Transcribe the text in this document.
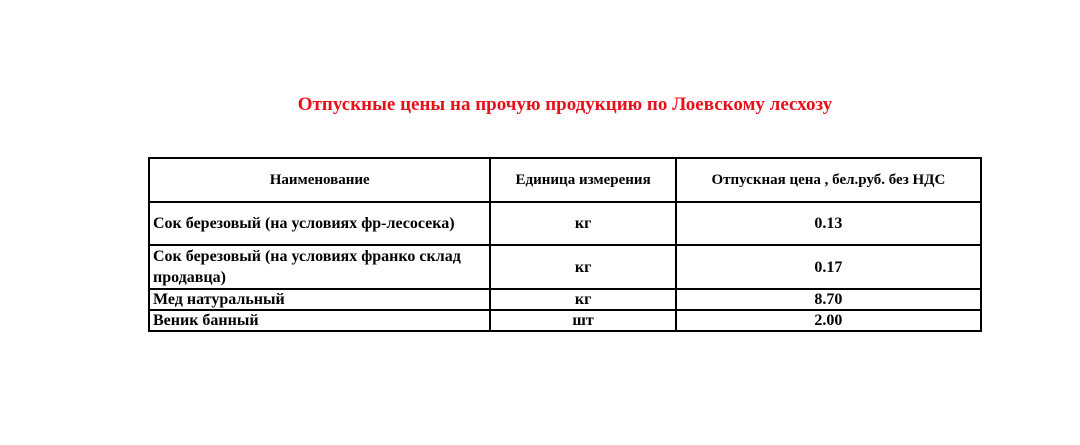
Отпускные цены на прочую продукцию по Лоевскому лесхозу
Наименование	Единица измерения	Отпускная цена , бел.руб. без НДС
Сок березовый (на условиях фр-лесосека)	кг	0.13
Сок березовый (на условиях франко склад продавца)	кг	0.17
Мед натуральный	кг	8.70
Веник банный	шт	2.00
